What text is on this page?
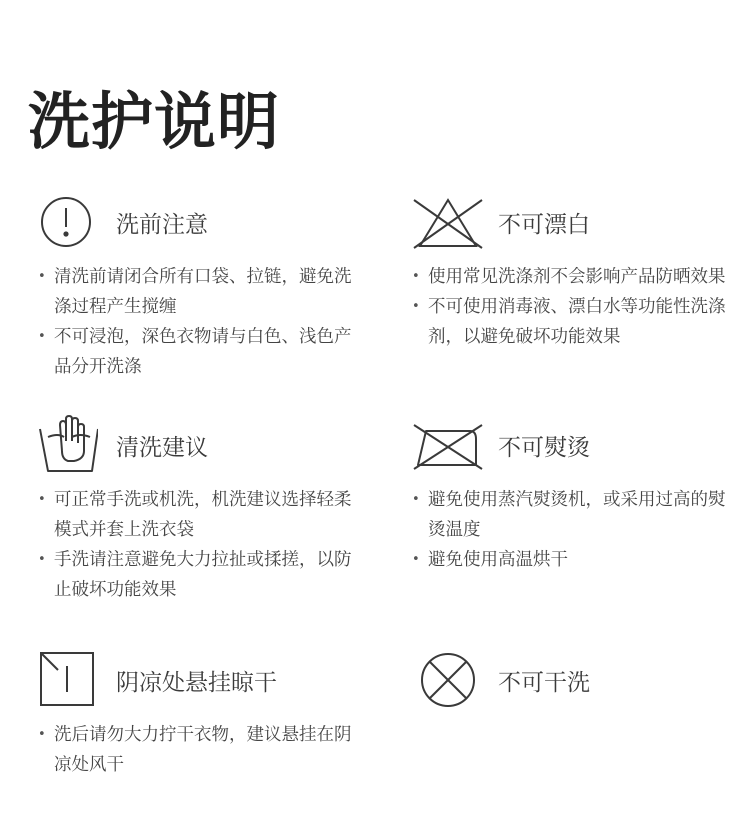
洗护说明
洗前注意
• 清洗前请闭合所有口袋、拉链，避免洗涤过程产生搅缠
• 不可浸泡，深色衣物请与白色、浅色产品分开洗涤
不可漂白
• 使用常见洗涤剂不会影响产品防晒效果
• 不可使用消毒液、漂白水等功能性洗涤剂，以避免破坏功能效果
清洗建议
• 可正常手洗或机洗，机洗建议选择轻柔模式并套上洗衣袋
• 手洗请注意避免大力拉扯或揉搓，以防止破坏功能效果
不可熨烫
• 避免使用蒸汽熨烫机，或采用过高的熨烫温度
• 避免使用高温烘干
阴凉处悬挂晾干
• 洗后请勿大力拧干衣物，建议悬挂在阴凉处风干
不可干洗
